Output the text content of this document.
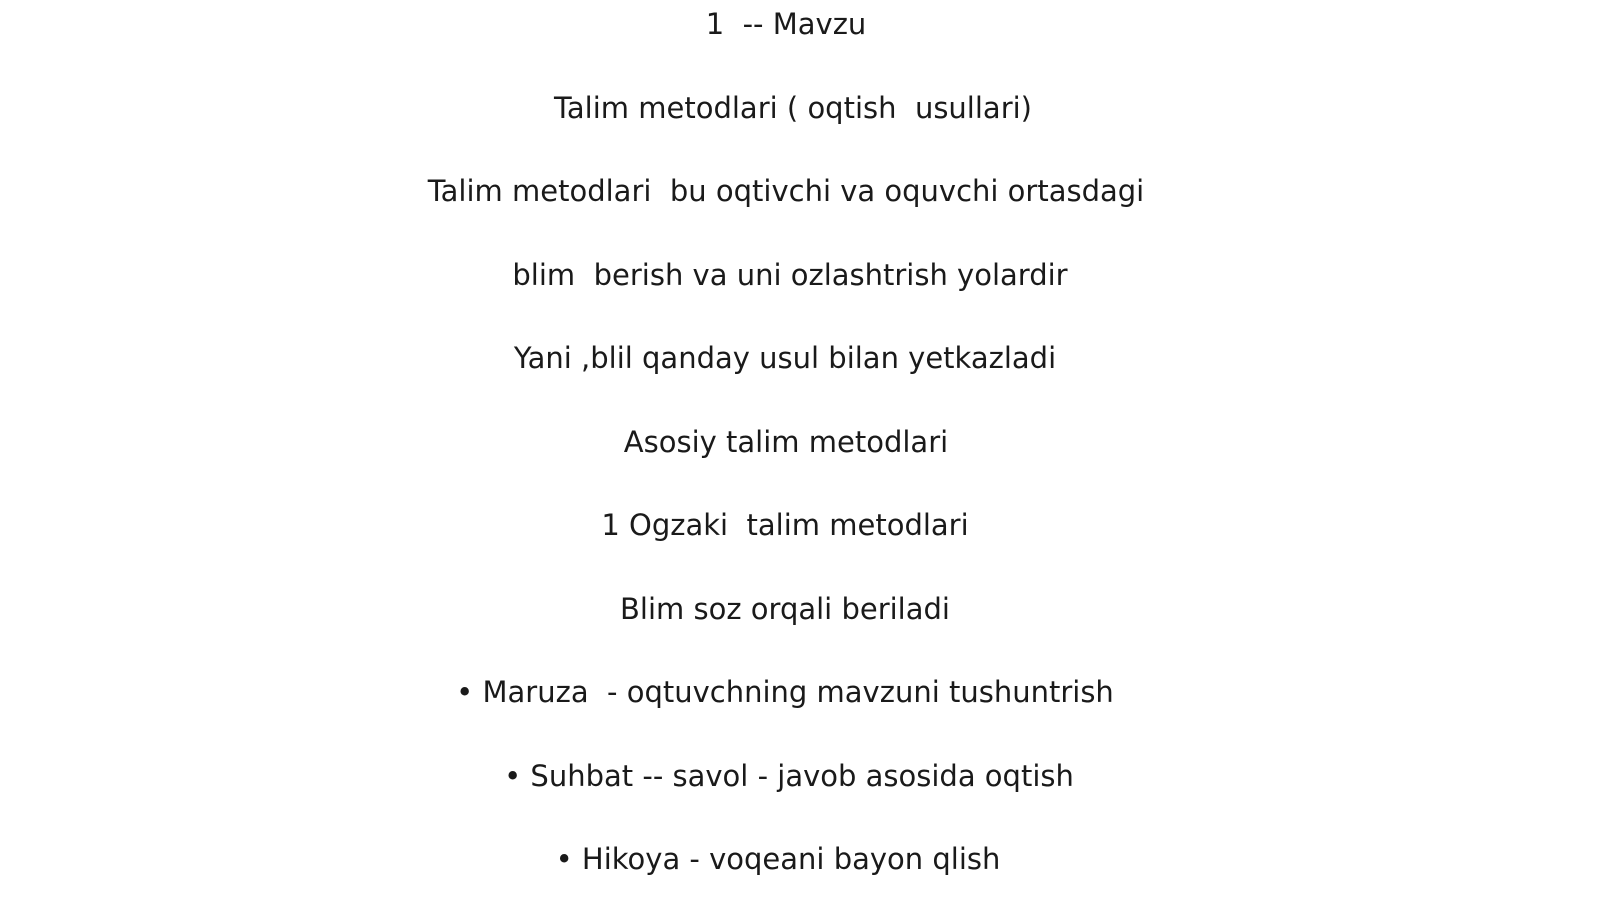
1  -- Mavzu
Talim metodlari ( oqtish  usullari)
Talim metodlari  bu oqtivchi va oquvchi ortasdagi
blim  berish va uni ozlashtrish yolardir
Yani ,blil qanday usul bilan yetkazladi
Asosiy talim metodlari
1 Ogzaki  talim metodlari
Blim soz orqali beriladi
• Maruza  - oqtuvchning mavzuni tushuntrish
• Suhbat -- savol - javob asosida oqtish
• Hikoya - voqeani bayon qlish
